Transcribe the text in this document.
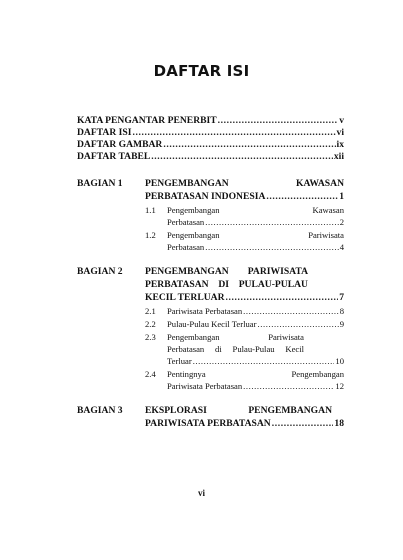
DAFTAR ISI
KATA PENGANTAR PENERBIT .....	v
DAFTAR ISI .....	vi
DAFTAR GAMBAR .....	ix
DAFTAR TABEL .....	xii
BAGIAN 1 PENGEMBANGAN	KAWASAN
PERBATASAN INDONESIA .....	1
1.1 Pengembangan	Kawasan
Perbatasan .....	2
1.2 Pengembangan	Pariwisata
Perbatasan .....	4
BAGIAN 2 PENGEMBANGAN PARIWISATA
PERBATASAN DI PULAU-PULAU
KECIL TERLUAR .....	7
2.1 Pariwisata Perbatasan .....	8
2.2 Pulau-Pulau Kecil Terluar .....	9
2.3 Pengembangan	Pariwisata
Perbatasan di Pulau-Pulau Kecil
Terluar .....	10
2.4 Pentingnya	Pengembangan
Pariwisata Perbatasan .....	12
BAGIAN 3 EKSPLORASI	PENGEMBANGAN
PARIWISATA PERBATASAN .....	18
vi
